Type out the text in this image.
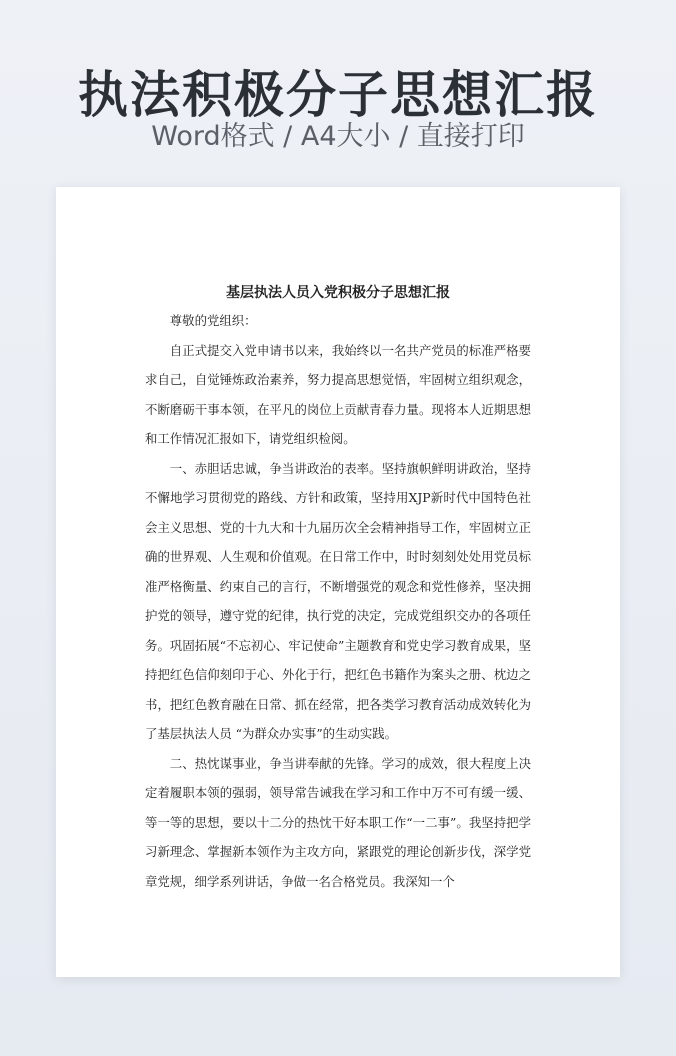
执法积极分子思想汇报
Word格式 / A4大小 / 直接打印
基层执法人员入党积极分子思想汇报

尊敬的党组织：

自正式提交入党申请书以来，我始终以一名共产党员的标准严格要求自己，自觉锤炼政治素养，努力提高思想觉悟，牢固树立组织观念，不断磨砺干事本领，在平凡的岗位上贡献青春力量。现将本人近期思想和工作情况汇报如下，请党组织检阅。

一、赤胆话忠诚，争当讲政治的表率。坚持旗帜鲜明讲政治，坚持不懈地学习贯彻党的路线、方针和政策，坚持用XJP新时代中国特色社会主义思想、党的十九大和十九届历次全会精神指导工作，牢固树立正确的世界观、人生观和价值观。在日常工作中，时时刻刻处处用党员标准严格衡量、约束自己的言行，不断增强党的观念和党性修养，坚决拥护党的领导，遵守党的纪律，执行党的决定，完成党组织交办的各项任务。巩固拓展“不忘初心、牢记使命”主题教育和党史学习教育成果，坚持把红色信仰刻印于心、外化于行，把红色书籍作为案头之册、枕边之书，把红色教育融在日常、抓在经常，把各类学习教育活动成效转化为了基层执法人员 “为群众办实事”的生动实践。

二、热忱谋事业，争当讲奉献的先锋。学习的成效，很大程度上决定着履职本领的强弱，领导常告诫我在学习和工作中万不可有缓一缓、等一等的思想，要以十二分的热忱干好本职工作“一二事”。我坚持把学习新理念、掌握新本领作为主攻方向，紧跟党的理论创新步伐，深学党章党规，细学系列讲话，争做一名合格党员。我深知一个
